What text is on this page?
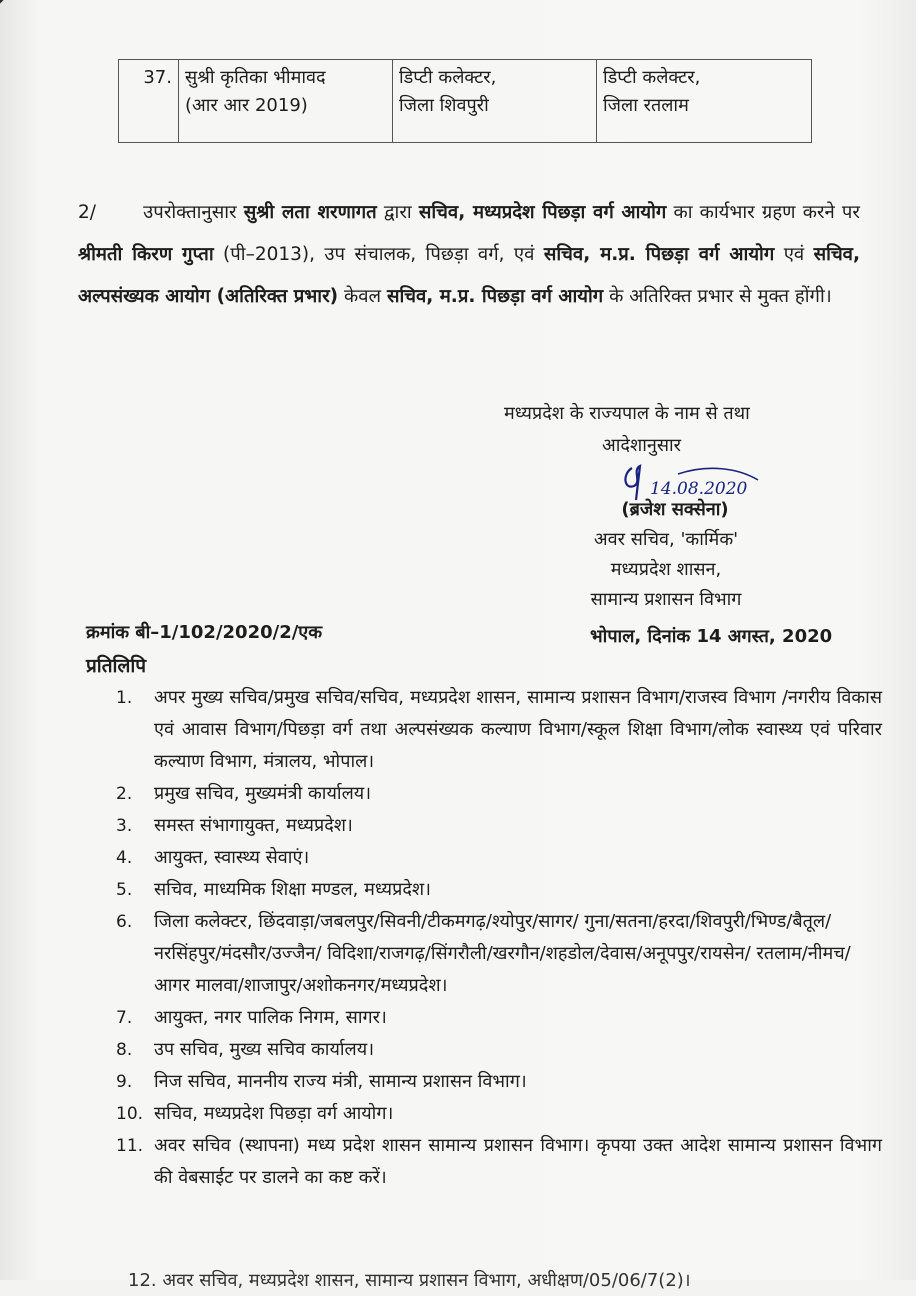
37. सुश्री कृतिका भीमावद
(आर आर 2019)
डिप्टी कलेक्टर,
जिला शिवपुरी
डिप्टी कलेक्टर,
जिला रतलाम
2/	उपरोक्तानुसार सुश्री लता शरणागत द्वारा सचिव, मध्यप्रदेश पिछड़ा वर्ग आयोग का कार्यभार ग्रहण करने पर श्रीमती किरण गुप्ता (पी–2013), उप संचालक, पिछड़ा वर्ग, एवं सचिव, म.प्र. पिछड़ा वर्ग आयोग एवं सचिव, अल्पसंख्यक आयोग (अतिरिक्त प्रभार) केवल सचिव, म.प्र. पिछड़ा वर्ग आयोग के अतिरिक्त प्रभार से मुक्त होंगी।
मध्यप्रदेश के राज्यपाल के नाम से तथा
आदेशानुसार
14.08.2020
(ब्रजेश सक्सेना)
अवर सचिव, 'कार्मिक'
मध्यप्रदेश शासन,
सामान्य प्रशासन विभाग
क्रमांक बी–1/102/2020/2/एक	भोपाल, दिनांक 14 अगस्त, 2020
प्रतिलिपि
1. अपर मुख्य सचिव/प्रमुख सचिव/सचिव, मध्यप्रदेश शासन, सामान्य प्रशासन विभाग/राजस्व विभाग /नगरीय विकास एवं आवास विभाग/पिछड़ा वर्ग तथा अल्पसंख्यक कल्याण विभाग/स्कूल शिक्षा विभाग/लोक स्वास्थ्य एवं परिवार कल्याण विभाग, मंत्रालय, भोपाल।
2. प्रमुख सचिव, मुख्यमंत्री कार्यालय।
3. समस्त संभागायुक्त, मध्यप्रदेश।
4. आयुक्त, स्वास्थ्य सेवाएं।
5. सचिव, माध्यमिक शिक्षा मण्डल, मध्यप्रदेश।
6. जिला कलेक्टर, छिंदवाड़ा/जबलपुर/सिवनी/टीकमगढ़/श्योपुर/सागर/ गुना/सतना/हरदा/शिवपुरी/भिण्ड/बैतूल/नरसिंहपुर/मंदसौर/उज्जैन/ विदिशा/राजगढ़/सिंगरौली/खरगौन/शहडोल/देवास/अनूपपुर/रायसेन/ रतलाम/नीमच/आगर मालवा/शाजापुर/अशोकनगर/मध्यप्रदेश।
7. आयुक्त, नगर पालिक निगम, सागर।
8. उप सचिव, मुख्य सचिव कार्यालय।
9. निज सचिव, माननीय राज्य मंत्री, सामान्य प्रशासन विभाग।
10. सचिव, मध्यप्रदेश पिछड़ा वर्ग आयोग।
11. अवर सचिव (स्थापना) मध्य प्रदेश शासन सामान्य प्रशासन विभाग। कृपया उक्त आदेश सामान्य प्रशासन विभाग की वेबसाईट पर डालने का कष्ट करें।
12. अवर सचिव, मध्यप्रदेश शासन, सामान्य प्रशासन विभाग, अधीक्षण/05/06/7(2)।
